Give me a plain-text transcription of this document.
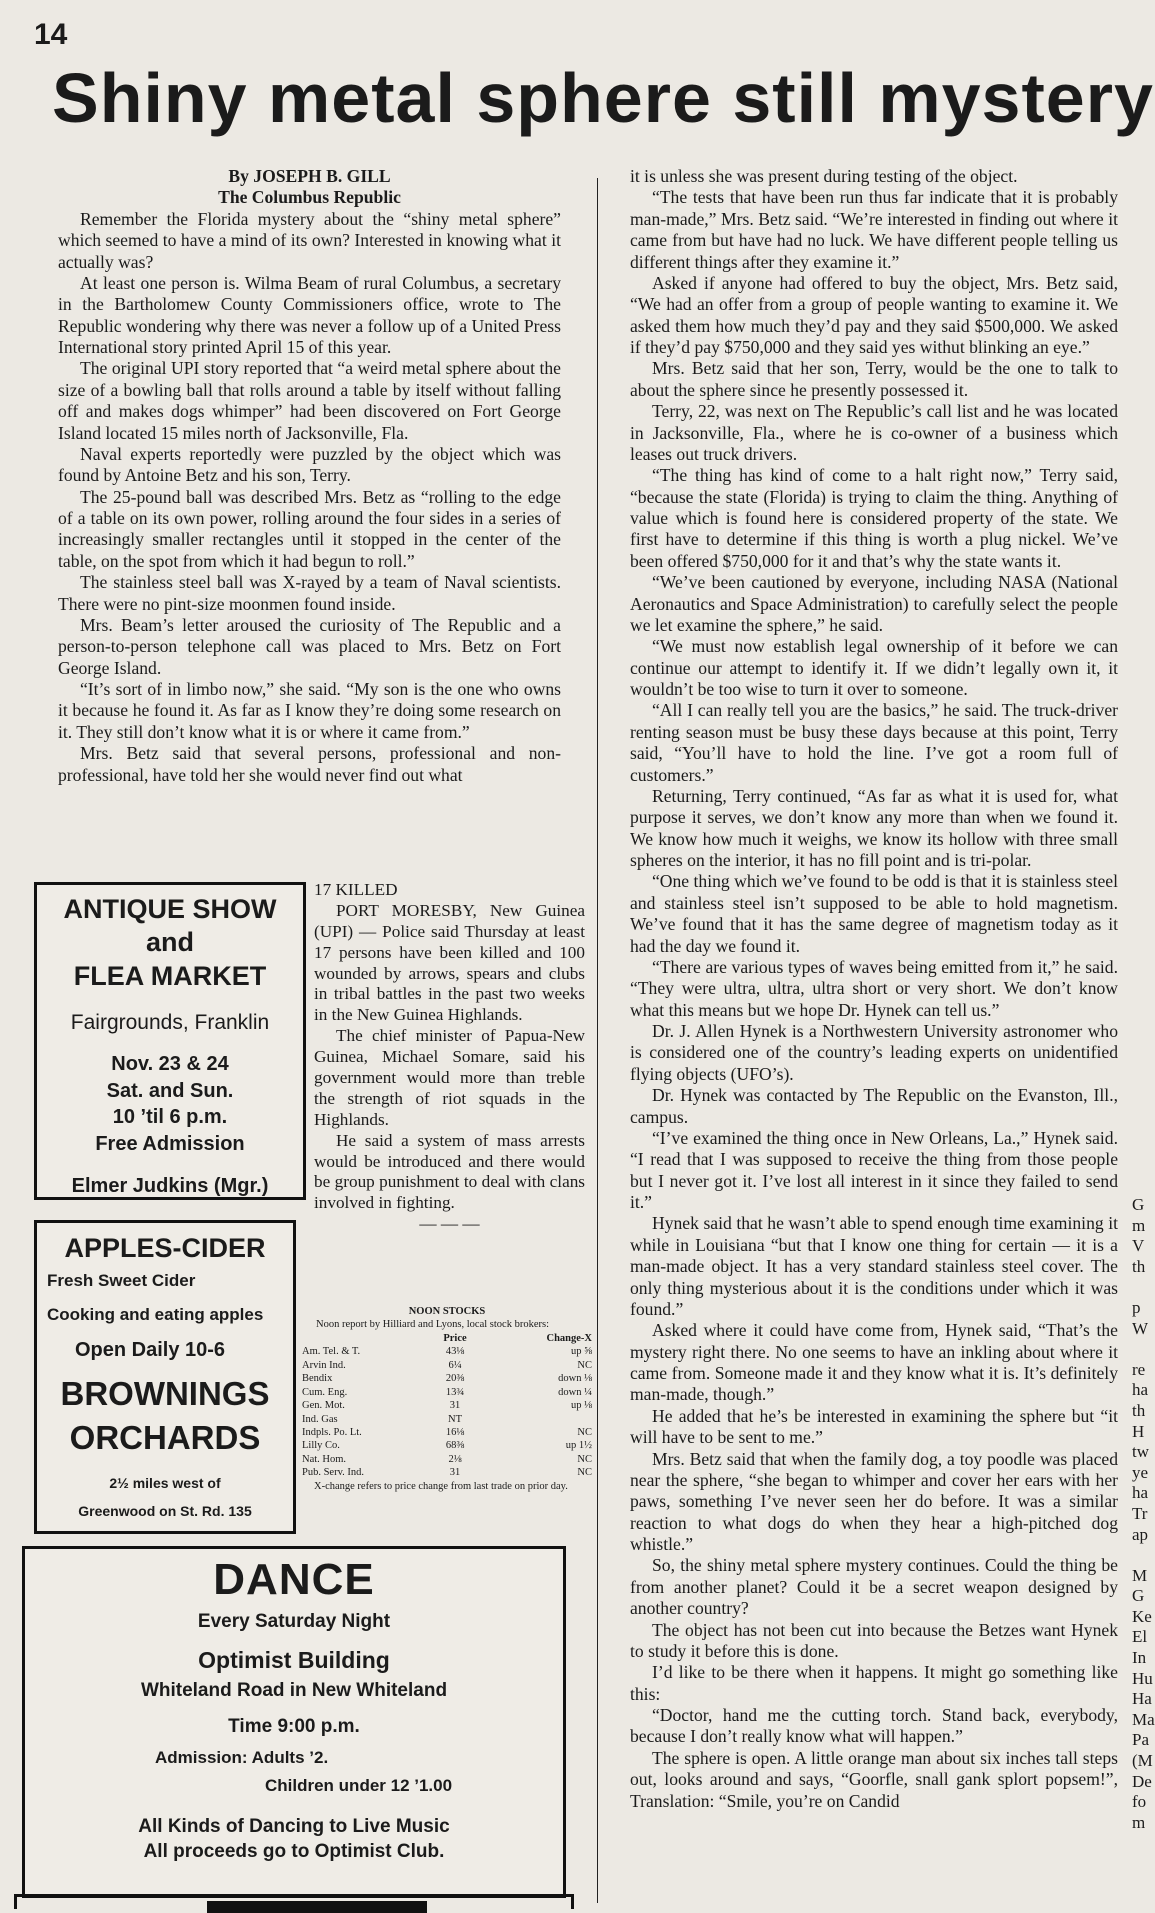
14
Shiny metal sphere still mystery

By JOSEPH B. GILL

The Columbus Republic

Remember the Florida mystery about the “shiny metal sphere” which seemed to have a mind of its own? Interested in knowing what it actually was?

At least one person is. Wilma Beam of rural Columbus, a secretary in the Bartholomew County Commissioners office, wrote to The Republic wondering why there was never a follow up of a United Press International story printed April 15 of this year.

The original UPI story reported that “a weird metal sphere about the size of a bowling ball that rolls around a table by itself without falling off and makes dogs whimper” had been discovered on Fort George Island located 15 miles north of Jacksonville, Fla.

Naval experts reportedly were puzzled by the object which was found by Antoine Betz and his son, Terry.

The 25-pound ball was described Mrs. Betz as “rolling to the edge of a table on its own power, rolling around the four sides in a series of increasingly smaller rectangles until it stopped in the center of the table, on the spot from which it had begun to roll.”

The stainless steel ball was X-rayed by a team of Naval scientists. There were no pint-size moonmen found inside.

Mrs. Beam’s letter aroused the curiosity of The Republic and a person-to-person telephone call was placed to Mrs. Betz on Fort George Island.

“It’s sort of in limbo now,” she said. “My son is the one who owns it because he found it. As far as I know they’re doing some research on it. They still don’t know what it is or where it came from.”

Mrs. Betz said that several persons, professional and non-professional, have told her she would never find out what

it is unless she was present during testing of the object.

“The tests that have been run thus far indicate that it is probably man-made,” Mrs. Betz said. “We’re interested in finding out where it came from but have had no luck. We have different people telling us different things after they examine it.”

Asked if anyone had offered to buy the object, Mrs. Betz said, “We had an offer from a group of people wanting to examine it. We asked them how much they’d pay and they said $500,000. We asked if they’d pay $750,000 and they said yes withut blinking an eye.”

Mrs. Betz said that her son, Terry, would be the one to talk to about the sphere since he presently possessed it.

Terry, 22, was next on The Republic’s call list and he was located in Jacksonville, Fla., where he is co-owner of a business which leases out truck drivers.

“The thing has kind of come to a halt right now,” Terry said, “because the state (Florida) is trying to claim the thing. Anything of value which is found here is considered property of the state. We first have to determine if this thing is worth a plug nickel. We’ve been offered $750,000 for it and that’s why the state wants it.

“We’ve been cautioned by everyone, including NASA (National Aeronautics and Space Administration) to carefully select the people we let examine the sphere,” he said.

“We must now establish legal ownership of it before we can continue our attempt to identify it. If we didn’t legally own it, it wouldn’t be too wise to turn it over to someone.

“All I can really tell you are the basics,” he said. The truck-driver renting season must be busy these days because at this point, Terry said, “You’ll have to hold the line. I’ve got a room full of customers.”

Returning, Terry continued, “As far as what it is used for, what purpose it serves, we don’t know any more than when we found it. We know how much it weighs, we know its hollow with three small spheres on the interior, it has no fill point and is tri-polar.

“One thing which we’ve found to be odd is that it is stainless steel and stainless steel isn’t supposed to be able to hold magnetism. We’ve found that it has the same degree of magnetism today as it had the day we found it.

“There are various types of waves being emitted from it,” he said. “They were ultra, ultra, ultra short or very short. We don’t know what this means but we hope Dr. Hynek can tell us.”

Dr. J. Allen Hynek is a Northwestern University astronomer who is considered one of the country’s leading experts on unidentified flying objects (UFO’s).

Dr. Hynek was contacted by The Republic on the Evanston, Ill., campus.

“I’ve examined the thing once in New Orleans, La.,” Hynek said. “I read that I was supposed to receive the thing from those people but I never got it. I’ve lost all interest in it since they failed to send it.”

Hynek said that he wasn’t able to spend enough time examining it while in Louisiana “but that I know one thing for certain — it is a man-made object. It has a very standard stainless steel cover. The only thing mysterious about it is the conditions under which it was found.”

Asked where it could have come from, Hynek said, “That’s the mystery right there. No one seems to have an inkling about where it came from. Someone made it and they know what it is. It’s definitely man-made, though.”

He added that he’s be interested in examining the sphere but “it will have to be sent to me.”

Mrs. Betz said that when the family dog, a toy poodle was placed near the sphere, “she began to whimper and cover her ears with her paws, something I’ve never seen her do before. It was a similar reaction to what dogs do when they hear a high-pitched dog whistle.”

So, the shiny metal sphere mystery continues. Could the thing be from another planet? Could it be a secret weapon designed by another country?

The object has not been cut into because the Betzes want Hynek to study it before this is done.

I’d like to be there when it happens. It might go something like this:

“Doctor, hand me the cutting torch. Stand back, everybody, because I don’t really know what will happen.”

The sphere is open. A little orange man about six inches tall steps out, looks around and says, “Goorfle, snall gank splort popsem!”, Translation: “Smile, you’re on Candid

G
m
V
th

p
W

re
ha
th
H
tw
ye
ha
Tr
ap

M
G
Ke
El
In
Hu
Ha
Ma
Pa
(M
De
fo
m
ANTIQUE SHOW
and
FLEA MARKET
Fairgrounds, Franklin
Nov. 23 & 24
Sat. and Sun.
10 ’til 6 p.m.
Free Admission
Elmer Judkins (Mgr.)
APPLES-CIDER
Fresh Sweet Cider
Cooking and eating apples
Open Daily 10-6
BROWNINGS
ORCHARDS
2½ miles west of
Greenwood on St. Rd. 135
17 KILLED

PORT MORESBY, New Guinea (UPI) — Police said Thursday at least 17 persons have been killed and 100 wounded by arrows, spears and clubs in tribal battles in the past two weeks in the New Guinea Highlands.

The chief minister of Papua-New Guinea, Michael Somare, said his government would more than treble the strength of riot squads in the Highlands.

He said a system of mass arrests would be introduced and there would be group punishment to deal with clans involved in fighting.

— — —
NOON STOCKS
Noon report by Hilliard and Lyons, local stock brokers:
	Price	Change-X
Am. Tel. & T.	43⅛	up ⅝
Arvin Ind.	6¼	NC
Bendix	20⅜	down ⅛
Cum. Eng.	13¾	down ¼
Gen. Mot.	31	up ⅛
Ind. Gas	NT	
Indpls. Po. Lt.	16⅛	NC
Lilly Co.	68⅜	up 1½
Nat. Hom.	2⅛	NC
Pub. Serv. Ind.	31	NC
X-change refers to price change from last trade on prior day.
DANCE
Every Saturday Night
Optimist Building
Whiteland Road in New Whiteland
Time 9:00 p.m.
Admission: Adults ’2.
Children under 12 ’1.00
All Kinds of Dancing to Live Music
All proceeds go to Optimist Club.
